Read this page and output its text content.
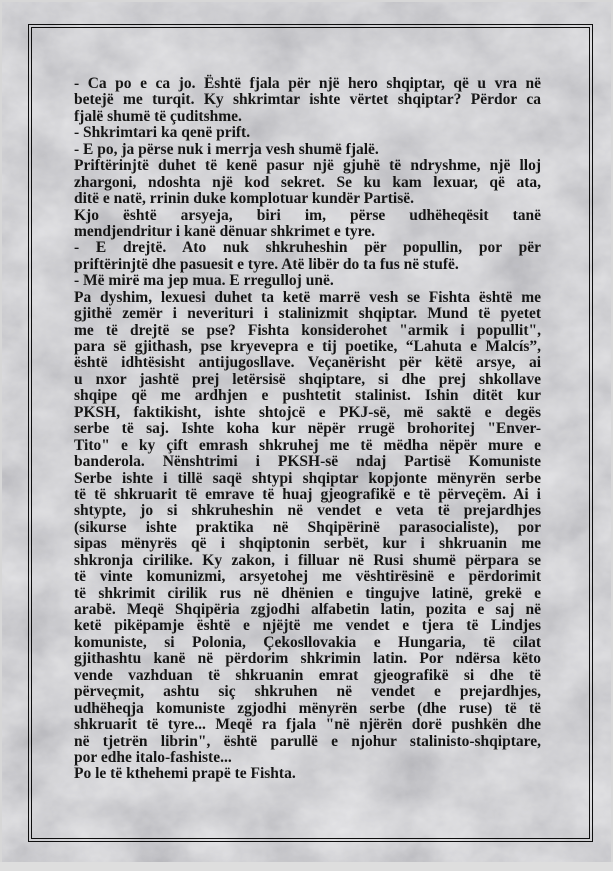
- Ca po e ca jo. Është fjala për një hero shqiptar, që u vra në
betejë me turqit. Ky shkrimtar ishte vërtet shqiptar? Përdor ca
fjalë shumë të çuditshme.
- Shkrimtari ka qenë prift.
- E po, ja përse nuk i merrja vesh shumë fjalë.
Priftërinjtë duhet të kenë pasur një gjuhë të ndryshme, një lloj
zhargoni, ndoshta një kod sekret. Se ku kam lexuar, që ata,
ditë e natë, rrinin duke komplotuar kundër Partisë.
Kjo është arsyeja, biri im, përse udhëheqësit tanë
mendjendritur i kanë dënuar shkrimet e tyre.
- E drejtë. Ato nuk shkruheshin për popullin, por për
priftërinjtë dhe pasuesit e tyre. Atë libër do ta fus në stufë.
- Më mirë ma jep mua. E rregulloj unë.
Pa dyshim, lexuesi duhet ta ketë marrë vesh se Fishta është me
gjithë zemër i neverituri i stalinizmit shqiptar. Mund të pyetet
me të drejtë se pse? Fishta konsiderohet "armik i popullit",
para së gjithash, pse kryevepra e tij poetike, “Lahuta e Malcís”,
është idhtësisht antijugosllave. Veçanërisht për këtë arsye, ai
u nxor jashtë prej letërsisë shqiptare, si dhe prej shkollave
shqipe që me ardhjen e pushtetit stalinist. Ishin ditët kur
PKSH, faktikisht, ishte shtojcë e PKJ-së, më saktë e degës
serbe të saj. Ishte koha kur nëpër rrugë brohoritej "Enver-
Tito" e ky çift emrash shkruhej me të mëdha nëpër mure e
banderola. Nënshtrimi i PKSH-së ndaj Partisë Komuniste
Serbe ishte i tillë saqë shtypi shqiptar kopjonte mënyrën serbe
të të shkruarit të emrave të huaj gjeografikë e të përveçëm. Ai i
shtypte, jo si shkruheshin në vendet e veta të prejardhjes
(sikurse ishte praktika në Shqipërinë parasocialiste), por
sipas mënyrës që i shqiptonin serbët, kur i shkruanin me
shkronja cirilike. Ky zakon, i filluar në Rusi shumë përpara se
të vinte komunizmi, arsyetohej me vështirësinë e përdorimit
të shkrimit cirilik rus në dhënien e tingujve latinë, grekë e
arabë. Meqë Shqipëria zgjodhi alfabetin latin, pozita e saj në
ketë pikëpamje është e njëjtë me vendet e tjera të Lindjes
komuniste, si Polonia, Çekosllovakia e Hungaria, të cilat
gjithashtu kanë në përdorim shkrimin latin. Por ndërsa këto
vende vazhduan të shkruanin emrat gjeografikë si dhe të
përveçmit, ashtu siç shkruhen në vendet e prejardhjes,
udhëheqja komuniste zgjodhi mënyrën serbe (dhe ruse) të të
shkruarit të tyre... Meqë ra fjala "në njërën dorë pushkën dhe
në tjetrën librin", është parullë e njohur stalinisto-shqiptare,
por edhe italo-fashiste...
Po le të kthehemi prapë te Fishta.
